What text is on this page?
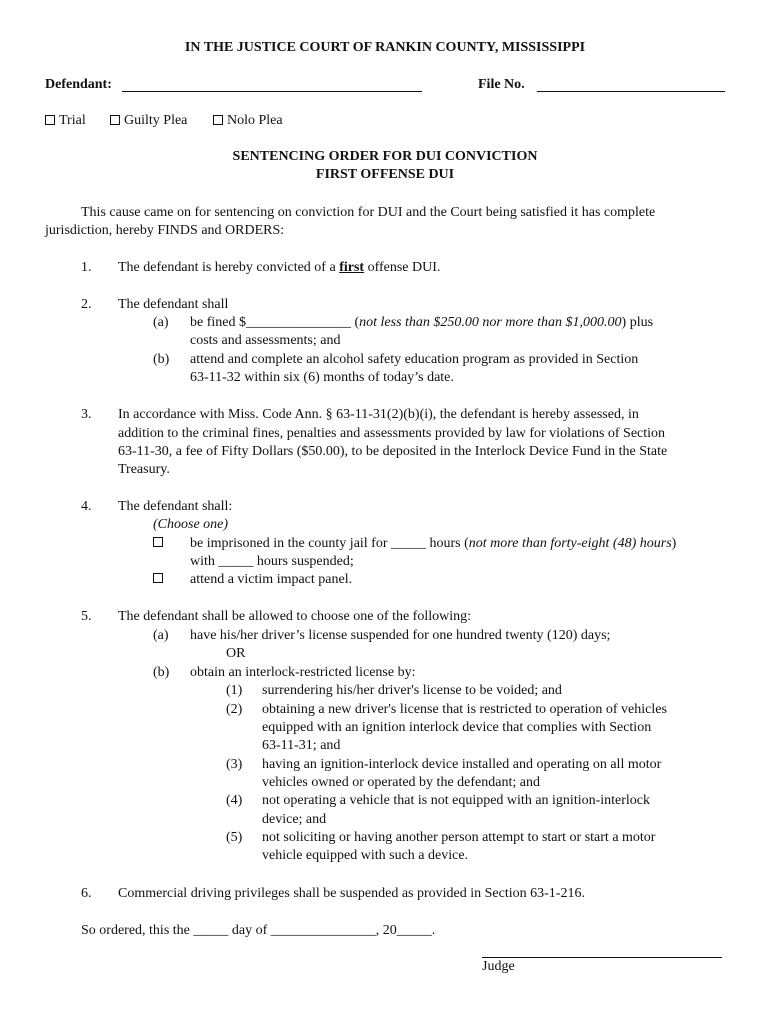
IN THE JUSTICE COURT OF RANKIN COUNTY, MISSISSIPPI
Defendant:	File No.
Trial	Guilty Plea	Nolo Plea
SENTENCING ORDER FOR DUI CONVICTION
FIRST OFFENSE DUI
This cause came on for sentencing on conviction for DUI and the Court being satisfied it has complete
jurisdiction, hereby FINDS and ORDERS:
1. The defendant is hereby convicted of a first offense DUI.
2. The defendant shall
(a) be fined $_______________ (not less than $250.00 nor more than $1,000.00) plus
costs and assessments; and
(b) attend and complete an alcohol safety education program as provided in Section
63-11-32 within six (6) months of today’s date.
3. In accordance with Miss. Code Ann. § 63-11-31(2)(b)(i), the defendant is hereby assessed, in
addition to the criminal fines, penalties and assessments provided by law for violations of Section
63-11-30, a fee of Fifty Dollars ($50.00), to be deposited in the Interlock Device Fund in the State
Treasury.
4. The defendant shall:
(Choose one)
be imprisoned in the county jail for _____ hours (not more than forty-eight (48) hours)
with _____ hours suspended;
attend a victim impact panel.
5. The defendant shall be allowed to choose one of the following:
(a) have his/her driver’s license suspended for one hundred twenty (120) days;
OR
(b) obtain an interlock-restricted license by:
(1) surrendering his/her driver's license to be voided; and
(2) obtaining a new driver's license that is restricted to operation of vehicles
equipped with an ignition interlock device that complies with Section
63-11-31; and
(3) having an ignition-interlock device installed and operating on all motor
vehicles owned or operated by the defendant; and
(4) not operating a vehicle that is not equipped with an ignition-interlock
device; and
(5) not soliciting or having another person attempt to start or start a motor
vehicle equipped with such a device.
6. Commercial driving privileges shall be suspended as provided in Section 63-1-216.
So ordered, this the _____ day of _______________, 20_____.
Judge
